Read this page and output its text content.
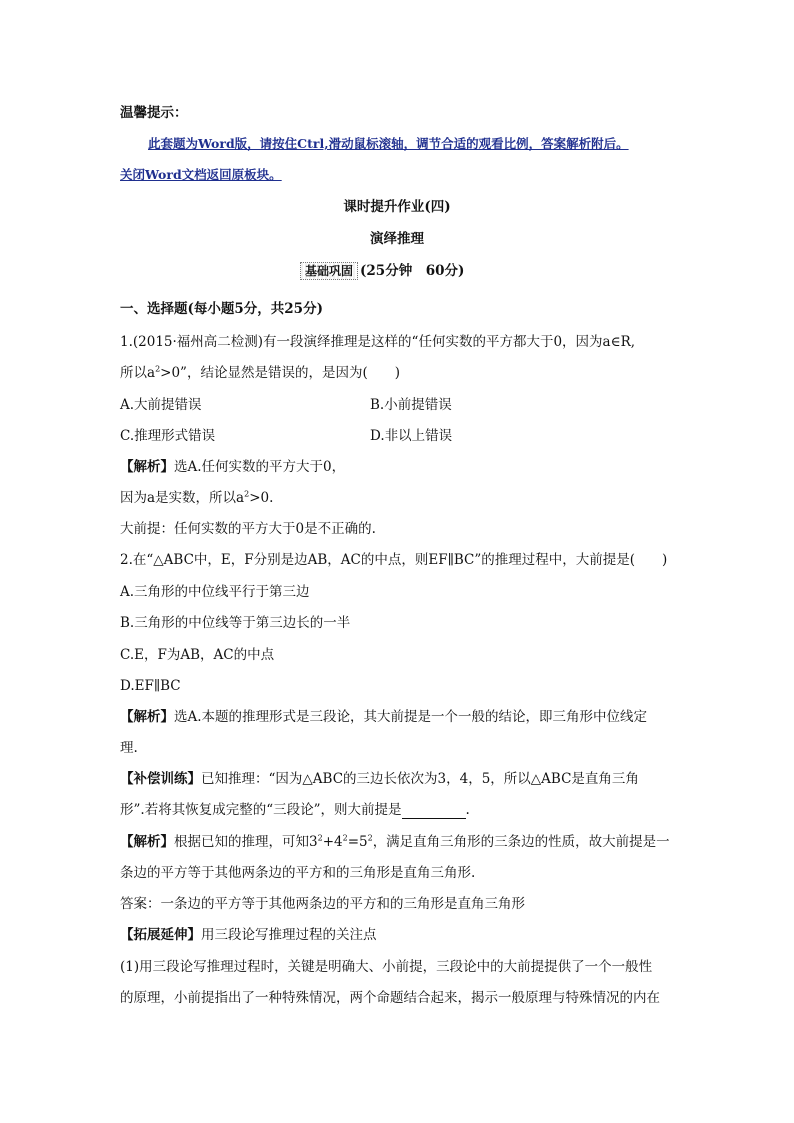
温馨提示：
此套题为Word版，请按住Ctrl,滑动鼠标滚轴，调节合适的观看比例，答案解析附后。
关闭Word文档返回原板块。
课时提升作业(四)
演绎推理
基础巩固 (25分钟　60分)
一、选择题(每小题5分，共25分)
1.(2015·福州高二检测)有一段演绎推理是这样的“任何实数的平方都大于0，因为a∈R,
所以$a^2>0$”，结论显然是错误的，是因为(　　)
A.大前提错误	B.小前提错误
C.推理形式错误	D.非以上错误
【解析】选A.任何实数的平方大于0，
因为a是实数，所以$a^2>0$.
大前提：任何实数的平方大于0是不正确的.
2.在“△ABC中，E，F分别是边AB，AC的中点，则EF∥BC”的推理过程中，大前提是(　　)
A.三角形的中位线平行于第三边
B.三角形的中位线等于第三边长的一半
C.E，F为AB，AC的中点
D.EF∥BC
【解析】选A.本题的推理形式是三段论，其大前提是一个一般的结论，即三角形中位线定
理.
【补偿训练】已知推理：“因为△ABC的三边长依次为3，4，5，所以△ABC是直角三角
形”.若将其恢复成完整的“三段论”，则大前提是	.
【解析】根据已知的推理，可知$3^2+4^2=5^2$，满足直角三角形的三条边的性质，故大前提是一
条边的平方等于其他两条边的平方和的三角形是直角三角形.
答案：一条边的平方等于其他两条边的平方和的三角形是直角三角形
【拓展延伸】用三段论写推理过程的关注点
(1)用三段论写推理过程时，关键是明确大、小前提，三段论中的大前提提供了一个一般性
的原理，小前提指出了一种特殊情况，两个命题结合起来，揭示一般原理与特殊情况的内在
